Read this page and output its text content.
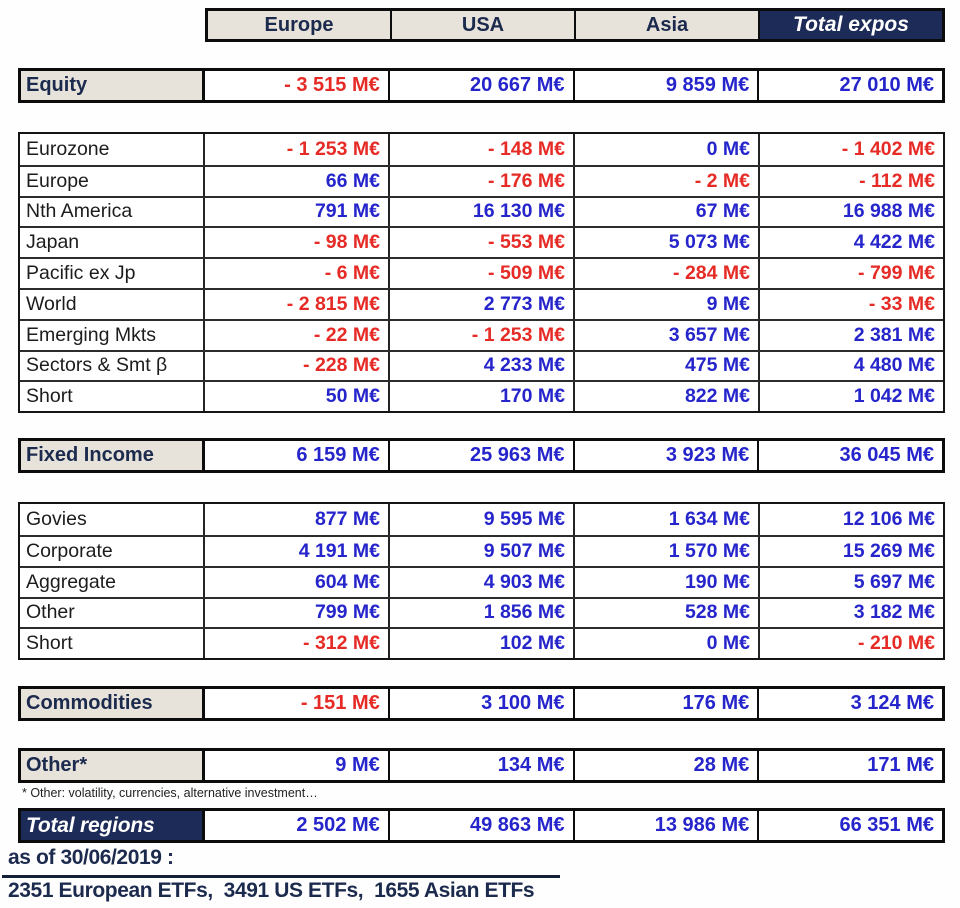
Europe	USA	Asia	Total expos
Equity	- 3 515 M€	20 667 M€	9 859 M€	27 010 M€
Eurozone	- 1 253 M€	- 148 M€	0 M€	- 1 402 M€
Europe	66 M€	- 176 M€	- 2 M€	- 112 M€
Nth America	791 M€	16 130 M€	67 M€	16 988 M€
Japan	- 98 M€	- 553 M€	5 073 M€	4 422 M€
Pacific ex Jp	- 6 M€	- 509 M€	- 284 M€	- 799 M€
World	- 2 815 M€	2 773 M€	9 M€	- 33 M€
Emerging Mkts	- 22 M€	- 1 253 M€	3 657 M€	2 381 M€
Sectors & Smt β	- 228 M€	4 233 M€	475 M€	4 480 M€
Short	50 M€	170 M€	822 M€	1 042 M€
Fixed Income	6 159 M€	25 963 M€	3 923 M€	36 045 M€
Govies	877 M€	9 595 M€	1 634 M€	12 106 M€
Corporate	4 191 M€	9 507 M€	1 570 M€	15 269 M€
Aggregate	604 M€	4 903 M€	190 M€	5 697 M€
Other	799 M€	1 856 M€	528 M€	3 182 M€
Short	- 312 M€	102 M€	0 M€	- 210 M€
Commodities	- 151 M€	3 100 M€	176 M€	3 124 M€
Other*	9 M€	134 M€	28 M€	171 M€
* Other: volatility, currencies, alternative investment…
Total regions	2 502 M€	49 863 M€	13 986 M€	66 351 M€
as of 30/06/2019 :
2351 European ETFs,  3491 US ETFs,  1655 Asian ETFs
